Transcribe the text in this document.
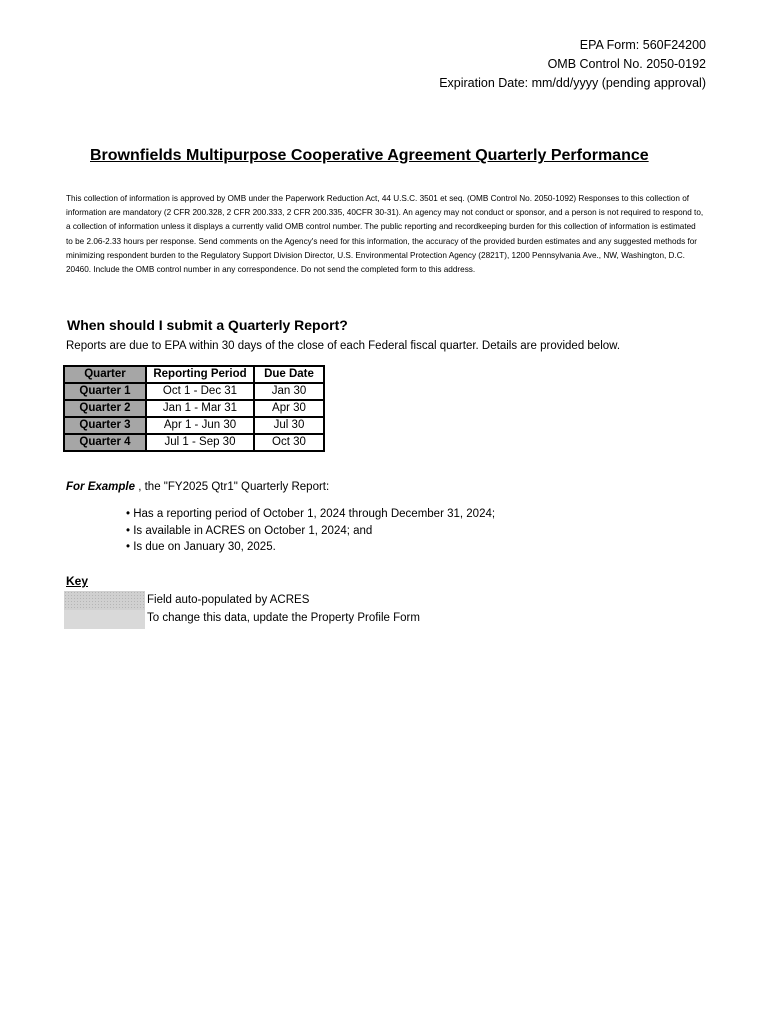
EPA Form: 560F24200
OMB Control No. 2050-0192
Expiration Date: mm/dd/yyyy (pending approval)
Brownfields Multipurpose Cooperative Agreement Quarterly Performance
This collection of information is approved by OMB under the Paperwork Reduction Act, 44 U.S.C. 3501 et seq. (OMB Control No. 2050-1092) Responses to this collection of information are mandatory (2 CFR 200.328, 2 CFR 200.333, 2 CFR 200.335, 40CFR 30-31). An agency may not conduct or sponsor, and a person is not required to respond to, a collection of information unless it displays a currently valid OMB control number. The public reporting and recordkeeping burden for this collection of information is estimated to be 2.06-2.33 hours per response. Send comments on the Agency's need for this information, the accuracy of the provided burden estimates and any suggested methods for minimizing respondent burden to the Regulatory Support Division Director, U.S. Environmental Protection Agency (2821T), 1200 Pennsylvania Ave., NW, Washington, D.C. 20460. Include the OMB control number in any correspondence. Do not send the completed form to this address.
When should I submit a Quarterly Report?
Reports are due to EPA within 30 days of the close of each Federal fiscal quarter. Details are provided below.
Quarter	Reporting Period	Due Date
Quarter 1	Oct 1 - Dec 31	Jan 30
Quarter 2	Jan 1 - Mar 31	Apr 30
Quarter 3	Apr 1 - Jun 30	Jul 30
Quarter 4	Jul 1 - Sep 30	Oct 30
For Example , the "FY2025 Qtr1" Quarterly Report:
• Has a reporting period of October 1, 2024 through December 31, 2024;
• Is available in ACRES on October 1, 2024; and
• Is due on January 30, 2025.
Key
Field auto-populated by ACRES
To change this data, update the Property Profile Form
